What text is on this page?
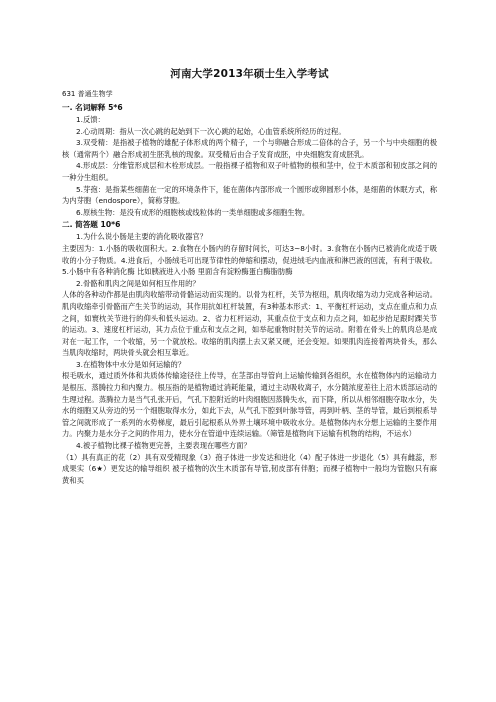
河南大学2013年硕士生入学考试
631 普通生物学
一. 名词解释 5*6

1.反馈：

2.心动周期：指从一次心跳的起始到下一次心跳的起始，心血管系统所经历的过程。

3.双受精：是指被子植物的雄配子体形成的两个精子，一个与卵融合形成二倍体的合子，另一个与中央细胞的极核（通常两个）融合形成初生胚乳核的现象。双受精后由合子发育成胚，中央细胞发育成胚乳。

4.形成层：分维管形成层和木栓形成层。一般指裸子植物和双子叶植物的根和茎中，位于木质部和韧皮部之间的一种分生组织。

5.芽孢：是指某些细菌在一定的环境条件下，能在菌体内部形成一个圆形或卵圆形小体，是细菌的休眠方式，称为内芽胞（endospore），简称芽胞。

6.原核生物：是没有成形的细胞核或线粒体的一类单细胞或多细胞生物。

二. 简答题 10*6

1.为什么说小肠是主要的消化吸收器官？

主要因为：1.小肠的吸收面积大。2.食物在小肠内的存留时间长，可达3~8小时。3.食物在小肠内已被消化成适于吸收的小分子物质。4.进食后，小肠绒毛可出现节律性的伸缩和摆动，促进绒毛内血液和淋巴液的回流，有利于吸收。5.小肠中有各种消化酶 比如胰液进入小肠 里面含有淀粉酶蛋白酶脂肪酶

2.骨骼和肌肉之间是如何相互作用的？

人体的各种动作都是由肌肉收缩带动骨骼运动而实现的。以骨为杠杆，关节为枢纽，肌肉收缩为动力完成各种运动。肌肉收缩牵引骨骼而产生关节的运动，其作用抗如杠杆装置，有3种基本形式：1、平衡杠杆运动，支点在重点和力点之间，如寰枕关节进行的仰头和低头运动。2、省力杠杆运动，其重点位于支点和力点之间，如起步抬足跟时踝关节的运动。3、速度杠杆运动，其力点位于重点和支点之间，如举起重物时肘关节的运动。附着在骨头上的肌肉总是成对在一起工作，一个收缩，另一个就放松。收缩的肌肉摆上去又紧又硬，还会变短。如果肌肉连接着两块骨头，那么当肌肉收缩时，两块骨头就会相互靠近。

3.在植物体中水分是如何运输的？

根毛吸水，通过质外体和共质体传输途径往上传导，在茎部由导管向上运输传输到各组织，水在植物体内的运输动力是根压、蒸腾拉力和内聚力。根压指的是植物通过消耗能量，通过主动吸收离子，水分随浓度差往上沿木质部运动的生理过程。蒸腾拉力是当气孔张开后，气孔下腔附近的叶肉细胞因蒸腾失水，而下降，所以从相邻细胞夺取水分，失水的细胞又从旁边的另一个细胞取得水分，如此下去，从气孔下腔到叶脉导管，再到叶柄、茎的导管，最后到根系导管之间就形成了一系列的水势梯度，最后引起根系从外界土壤环境中吸收水分。是植物体内水分想上运输的主要作用力。内聚力是水分子之间的作用力，使水分在管道中连续运输。（筛管是植物向下运输有机物的结构，不运水）

4.被子植物比裸子植物更完善，主要表现在哪些方面？

（1）具有真正的花（2）具有双受精现象（3）孢子体进一步发达和进化（4）配子体进一步退化（5）具有雌蕊，形成果实（6★）更发达的输导组织 被子植物的次生木质部有导管,韧皮部有伴胞；而裸子植物中一般均为管胞(只有麻黄和买
